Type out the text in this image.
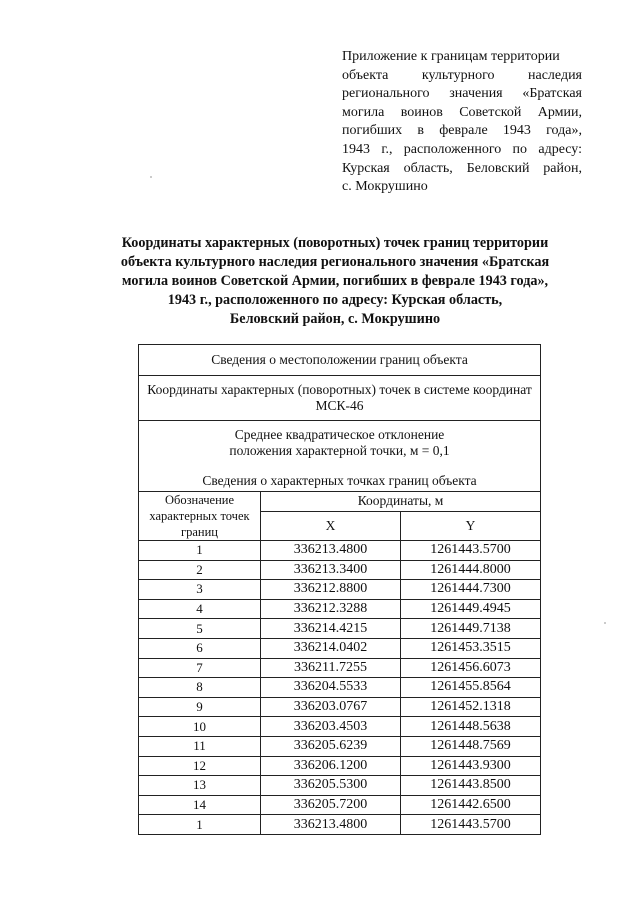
Приложение к границам территории
объекта культурного наследия
регионального значения «Братская
могила воинов Советской Армии,
погибших в феврале 1943 года»,
1943 г., расположенного по адресу:
Курская область, Беловский район,
с. Мокрушино
Координаты характерных (поворотных) точек границ территории
объекта культурного наследия регионального значения «Братская
могила воинов Советской Армии, погибших в феврале 1943 года»,
1943 г., расположенного по адресу: Курская область,
Беловский район, с. Мокрушино
Сведения о местоположении границ объекта		

Координаты характерных (поворотных) точек в системе координат
МСК-46		

Среднее квадратическое отклонение
положения характерной точки, м = 0,1
Сведения о характерных точках границ объекта		

Обозначение
характерных точек
границ	Координаты, м	
	X	Y
1	336213.4800	1261443.5700
2	336213.3400	1261444.8000
3	336212.8800	1261444.7300
4	336212.3288	1261449.4945
5	336214.4215	1261449.7138
6	336214.0402	1261453.3515
7	336211.7255	1261456.6073
8	336204.5533	1261455.8564
9	336203.0767	1261452.1318
10	336203.4503	1261448.5638
11	336205.6239	1261448.7569
12	336206.1200	1261443.9300
13	336205.5300	1261443.8500
14	336205.7200	1261442.6500
1	336213.4800	1261443.5700
